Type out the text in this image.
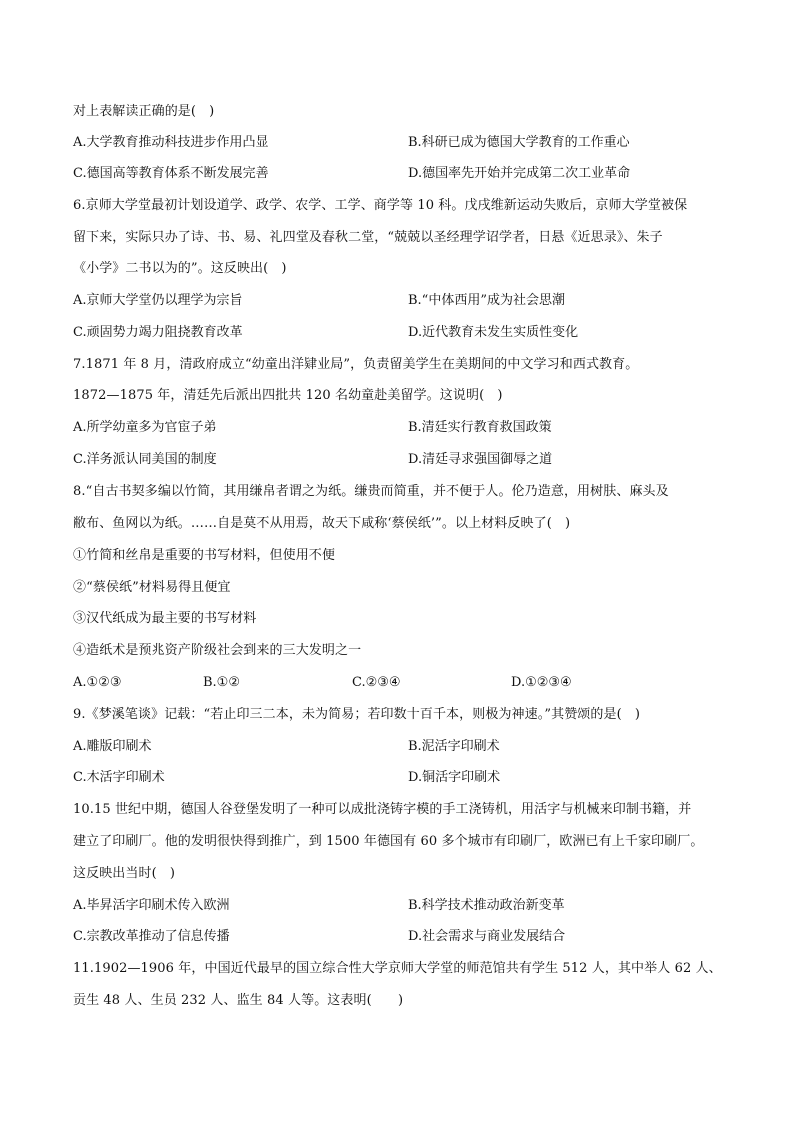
对上表解读正确的是(　)
A.大学教育推动科技进步作用凸显	B.科研已成为德国大学教育的工作重心
C.德国高等教育体系不断发展完善	D.德国率先开始并完成第二次工业革命
6.京师大学堂最初计划设道学、政学、农学、工学、商学等 10 科。戊戌维新运动失败后，京师大学堂被保
留下来，实际只办了诗、书、易、礼四堂及春秋二堂，“兢兢以圣经理学诏学者，日悬《近思录》、朱子
《小学》二书以为的”。这反映出(　)
A.京师大学堂仍以理学为宗旨	B.“中体西用”成为社会思潮
C.顽固势力竭力阻挠教育改革	D.近代教育未发生实质性变化
7.1871 年 8 月，清政府成立“幼童出洋肄业局”，负责留美学生在美期间的中文学习和西式教育。
1872—1875 年，清廷先后派出四批共 120 名幼童赴美留学。这说明(　)
A.所学幼童多为官宦子弟	B.清廷实行教育救国政策
C.洋务派认同美国的制度	D.清廷寻求强国御辱之道
8.“自古书契多编以竹简，其用缣帛者谓之为纸。缣贵而简重，并不便于人。伦乃造意，用树肤、麻头及
敝布、鱼网以为纸。……自是莫不从用焉，故天下咸称‘蔡侯纸’”。以上材料反映了(　)
①竹简和丝帛是重要的书写材料，但使用不便
②“蔡侯纸”材料易得且便宜
③汉代纸成为最主要的书写材料
④造纸术是预兆资产阶级社会到来的三大发明之一
A.①②③	B.①②	C.②③④	D.①②③④
9.《梦溪笔谈》记载：“若止印三二本，未为简易；若印数十百千本，则极为神速。”其赞颂的是(　)
A.雕版印刷术	B.泥活字印刷术
C.木活字印刷术	D.铜活字印刷术
10.15 世纪中期，德国人谷登堡发明了一种可以成批浇铸字模的手工浇铸机，用活字与机械来印制书籍，并
建立了印刷厂。他的发明很快得到推广，到 1500 年德国有 60 多个城市有印刷厂，欧洲已有上千家印刷厂。
这反映出当时(　)
A.毕昇活字印刷术传入欧洲	B.科学技术推动政治新变革
C.宗教改革推动了信息传播	D.社会需求与商业发展结合
11.1902—1906 年，中国近代最早的国立综合性大学京师大学堂的师范馆共有学生 512 人，其中举人 62 人、
贡生 48 人、生员 232 人、监生 84 人等。这表明(　　)
